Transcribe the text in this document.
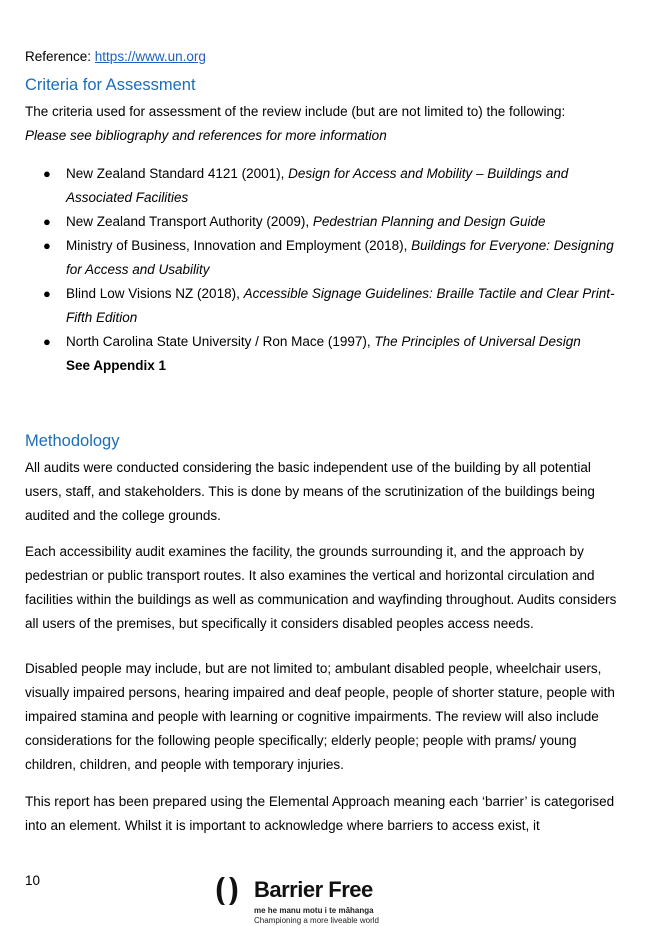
Reference: https://www.un.org
Criteria for Assessment
The criteria used for assessment of the review include (but are not limited to) the following:
Please see bibliography and references for more information
● New Zealand Standard 4121 (2001), Design for Access and Mobility – Buildings and Associated Facilities
● New Zealand Transport Authority (2009), Pedestrian Planning and Design Guide
● Ministry of Business, Innovation and Employment (2018), Buildings for Everyone: Designing for Access and Usability
● Blind Low Visions NZ (2018), Accessible Signage Guidelines: Braille Tactile and Clear Print- Fifth Edition
● North Carolina State University / Ron Mace (1997), The Principles of Universal Design
See Appendix 1
Methodology
All audits were conducted considering the basic independent use of the building by all potential users, staff, and stakeholders. This is done by means of the scrutinization of the buildings being audited and the college grounds.
Each accessibility audit examines the facility, the grounds surrounding it, and the approach by pedestrian or public transport routes. It also examines the vertical and horizontal circulation and facilities within the buildings as well as communication and wayfinding throughout. Audits considers all users of the premises, but specifically it considers disabled peoples access needs.
Disabled people may include, but are not limited to; ambulant disabled people, wheelchair users, visually impaired persons, hearing impaired and deaf people, people of shorter stature, people with impaired stamina and people with learning or cognitive impairments. The review will also include considerations for the following people specifically; elderly people; people with prams/ young children, children, and people with temporary injuries.
This report has been prepared using the Elemental Approach meaning each ‘barrier’ is categorised into an element. Whilst it is important to acknowledge where barriers to access exist, it
10	Barrier Free
me he manu motu i te māhanga
Championing a more liveable world
